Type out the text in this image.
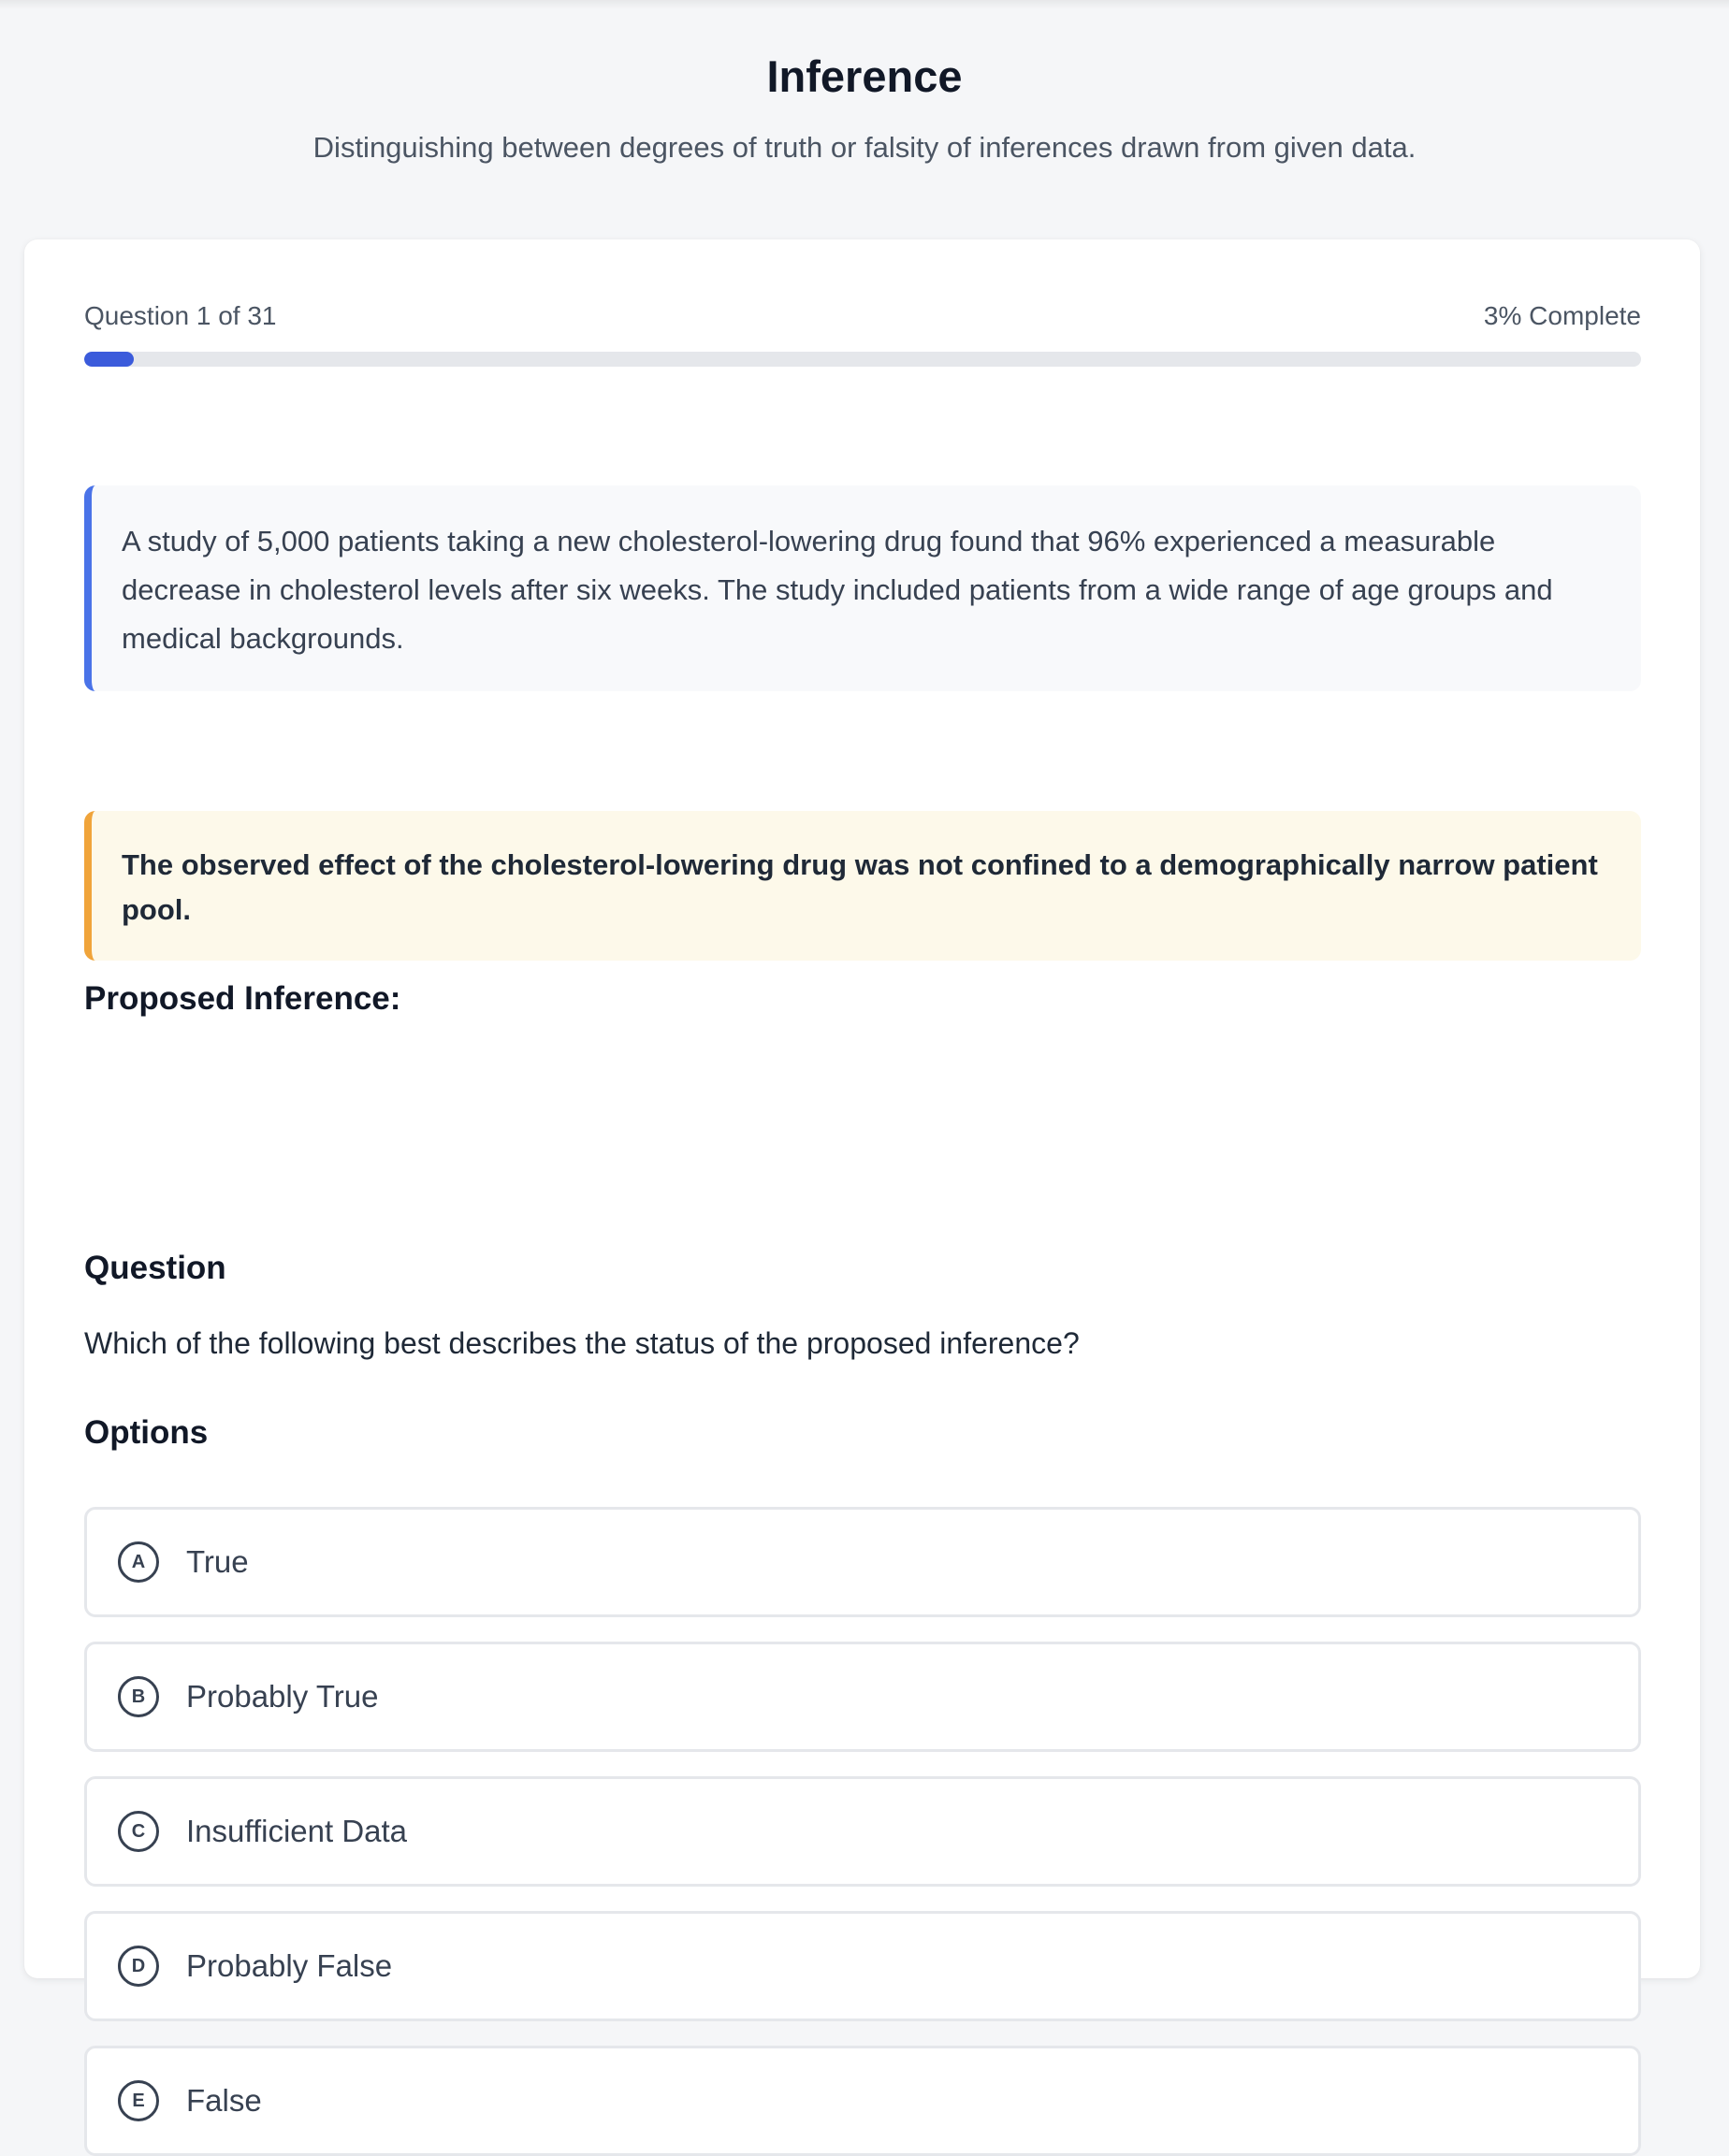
Inference
Distinguishing between degrees of truth or falsity of inferences drawn from given data.
Question 1 of 31	3% Complete
A study of 5,000 patients taking a new cholesterol-lowering drug found that 96% experienced a measurable decrease in cholesterol levels after six weeks. The study included patients from a wide range of age groups and medical backgrounds.
Proposed Inference:
The observed effect of the cholesterol-lowering drug was not confined to a demographically narrow patient pool.
Question
Which of the following best describes the status of the proposed inference?
Options
A	True
B	Probably True
C	Insufficient Data
D	Probably False
E	False
